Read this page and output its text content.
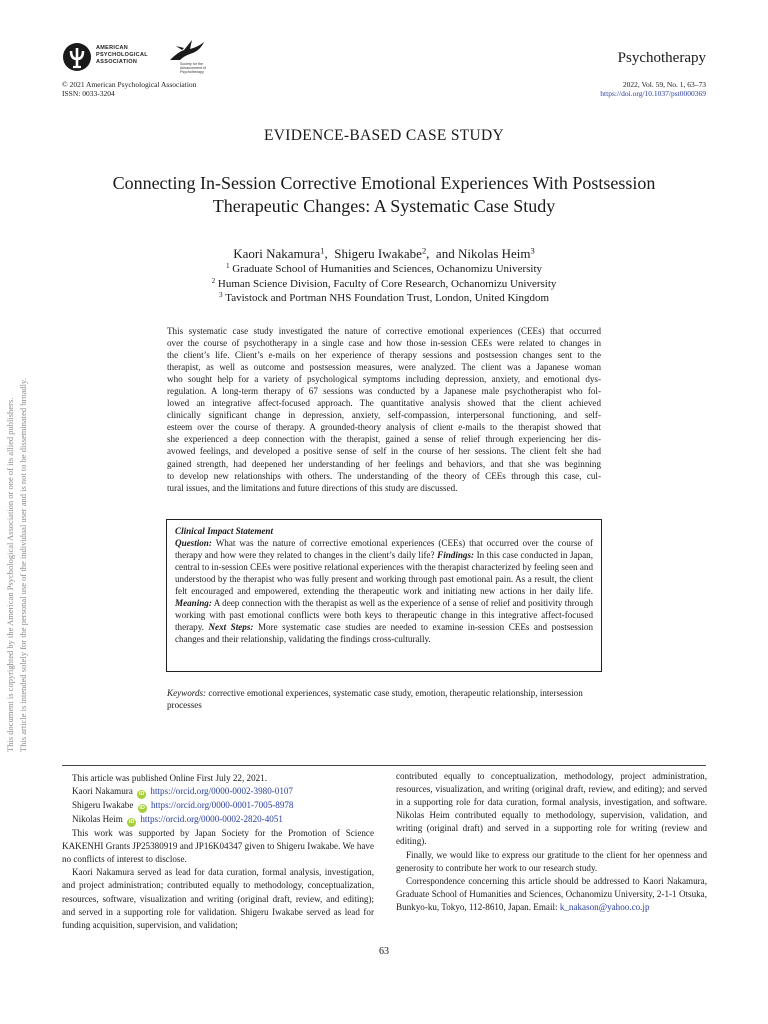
AMERICAN PSYCHOLOGICAL ASSOCIATION	Society for the Advancement of Psychotherapy
Psychotherapy
© 2021 American Psychological Association
ISSN: 0033-3204
2022, Vol. 59, No. 1, 63–73
https://doi.org/10.1037/pst0000369
This document is copyrighted by the American Psychological Association or one of its allied publishers. This article is intended solely for the personal use of the individual user and is not to be disseminated broadly.
EVIDENCE-BASED CASE STUDY
Connecting In-Session Corrective Emotional Experiences With Postsession
Therapeutic Changes: A Systematic Case Study
Kaori Nakamura$^1$,  Shigeru Iwakabe$^2$,  and Nikolas Heim$^3$
$^1$ Graduate School of Humanities and Sciences, Ochanomizu University
$^2$ Human Science Division, Faculty of Core Research, Ochanomizu University
$^3$ Tavistock and Portman NHS Foundation Trust, London, United Kingdom
This systematic case study investigated the nature of corrective emotional experiences (CEEs) that occurred
over the course of psychotherapy in a single case and how those in-session CEEs were related to changes in
the client’s life. Client’s e-mails on her experience of therapy sessions and postsession changes sent to the
therapist, as well as outcome and postsession measures, were analyzed. The client was a Japanese woman
who sought help for a variety of psychological symptoms including depression, anxiety, and emotional dys-
regulation. A long-term therapy of 67 sessions was conducted by a Japanese male psychotherapist who fol-
lowed an integrative affect-focused approach. The quantitative analysis showed that the client achieved
clinically significant change in depression, anxiety, self-compassion, interpersonal functioning, and self-
esteem over the course of therapy. A grounded-theory analysis of client e-mails to the therapist showed that
she experienced a deep connection with the therapist, gained a sense of relief through experiencing her dis-
avowed feelings, and developed a positive sense of self in the course of her sessions. The client felt she had
gained strength, had deepened her understanding of her feelings and behaviors, and that she was beginning
to develop new relationships with others. The understanding of the theory of CEEs through this case, cul-
tural issues, and the limitations and future directions of this study are discussed.
Clinical Impact Statement
Question: What was the nature of corrective emotional experiences (CEEs) that occurred over the course of therapy and how were they related to changes in the client’s daily life? Findings: In this case conducted in Japan, central to in-session CEEs were positive relational experiences with the therapist characterized by feeling seen and understood by the therapist who was fully present and working through past emotional pain. As a result, the client felt encouraged and empowered, extending the therapeutic work and initiating new actions in her daily life. Meaning: A deep connection with the therapist as well as the experience of a sense of relief and positivity through working with past emotional conflicts were both keys to therapeutic change in this integrative affect-focused therapy. Next Steps: More systematic case studies are needed to examine in-session CEEs and postsession changes and their relationship, validating the findings cross-culturally.
Keywords: corrective emotional experiences, systematic case study, emotion, therapeutic relationship, intersession processes

This article was published Online First July 22, 2021.

Kaori Nakamura iD https://orcid.org/0000-0002-3980-0107
Shigeru Iwakabe iD https://orcid.org/0000-0001-7005-8978
Nikolas Heim iD https://orcid.org/0000-0002-2820-4051

This work was supported by Japan Society for the Promotion of Science KAKENHI Grants JP25380919 and JP16K04347 given to Shigeru Iwakabe. We have no conflicts of interest to disclose.

Kaori Nakamura served as lead for data curation, formal analysis, investigation, and project administration; contributed equally to methodology, conceptualization, resources, software, visualization and writing (original draft, review, and editing); and served in a supporting role for validation. Shigeru Iwakabe served as lead for funding acquisition, supervision, and validation;

contributed equally to conceptualization, methodology, project administration, resources, visualization, and writing (original draft, review, and editing); and served in a supporting role for data curation, formal analysis, investigation, and software. Nikolas Heim contributed equally to methodology, supervision, validation, and writing (original draft) and served in a supporting role for writing (review and editing).

Finally, we would like to express our gratitude to the client for her openness and generosity to contribute her work to our research study.

Correspondence concerning this article should be addressed to Kaori Nakamura, Graduate School of Humanities and Sciences, Ochanomizu University, 2-1-1 Otsuka, Bunkyo-ku, Tokyo, 112-8610, Japan. Email: k_nakason@yahoo.co.jp

63
